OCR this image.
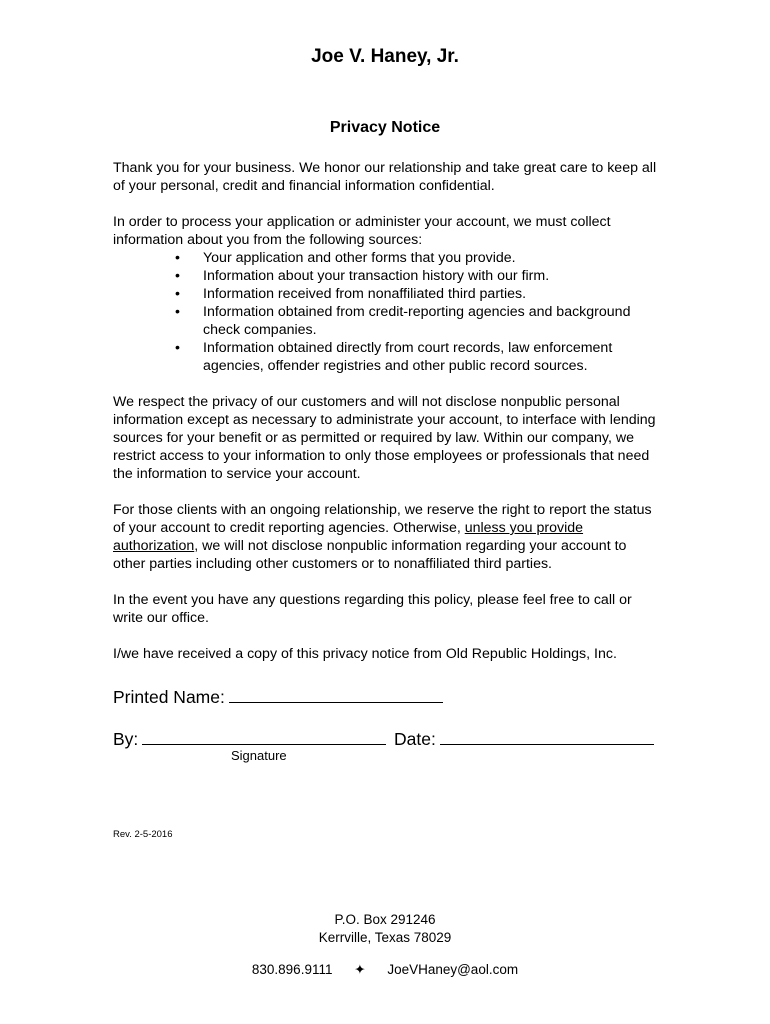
Joe V. Haney, Jr.
Privacy Notice

Thank you for your business. We honor our relationship and take great care to keep all of your personal, credit and financial information confidential.

In order to process your application or administer your account, we must collect information about you from the following sources:

• Your application and other forms that you provide.
• Information about your transaction history with our firm.
• Information received from nonaffiliated third parties.
• Information obtained from credit-reporting agencies and background check companies.
• Information obtained directly from court records, law enforcement agencies, offender registries and other public record sources.

We respect the privacy of our customers and will not disclose nonpublic personal information except as necessary to administrate your account, to interface with lending sources for your benefit or as permitted or required by law. Within our company, we restrict access to your information to only those employees or professionals that need the information to service your account.

For those clients with an ongoing relationship, we reserve the right to report the status of your account to credit reporting agencies. Otherwise, unless you provide authorization, we will not disclose nonpublic information regarding your account to other parties including other customers or to nonaffiliated third parties.

In the event you have any questions regarding this policy, please feel free to call or write our office.

I/we have received a copy of this privacy notice from Old Republic Holdings, Inc.

Printed Name:
By:	Date:
Signature
Rev. 2-5-2016
P.O. Box 291246
Kerrville, Texas 78029
830.896.9111 ✦ JoeVHaney@aol.com
